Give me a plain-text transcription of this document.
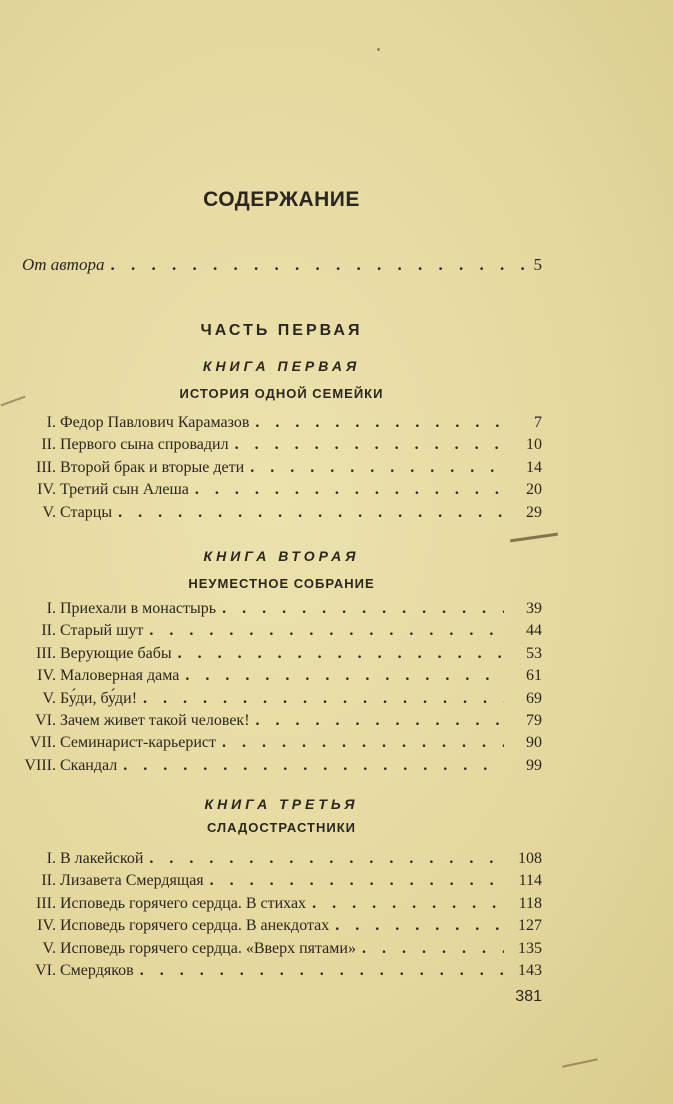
СОДЕРЖАНИЕ
От автора . . .	5
ЧАСТЬ ПЕРВАЯ
КНИГА ПЕРВАЯ
ИСТОРИЯ ОДНОЙ СЕМЕЙКИ
I. Федор Павлович Карамазов . . .	7
II. Первого сына спровадил . . .	10
III. Второй брак и вторые дети . . .	14
IV. Третий сын Алеша . . .	20
V. Старцы . . .	29
КНИГА ВТОРАЯ
НЕУМЕСТНОЕ СОБРАНИЕ
I. Приехали в монастырь . . .	39
II. Старый шут . . .	44
III. Верующие бабы . . .	53
IV. Маловерная дама . . .	61
V. Бу́ди, бу́ди! . . .	69
VI. Зачем живет такой человек! . . .	79
VII. Семинарист-карьерист . . .	90
VIII. Скандал . . .	99
КНИГА ТРЕТЬЯ
СЛАДОСТРАСТНИКИ
I. В лакейской . . .	108
II. Лизавета Смердящая . . .	114
III. Исповедь горячего сердца. В стихах . . .	118
IV. Исповедь горячего сердца. В анекдотах . . .	127
V. Исповедь горячего сердца. «Вверх пятами» . . .	135
VI. Смердяков . . .	143
381
